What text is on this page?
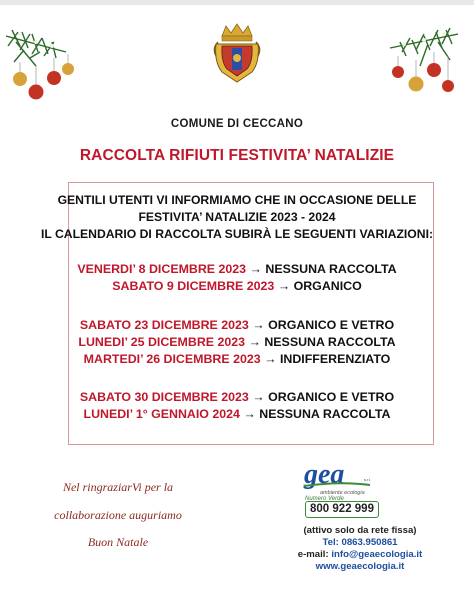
COMUNE DI CECCANO
RACCOLTA RIFIUTI FESTIVITA’ NATALIZIE
GENTILI UTENTI VI INFORMIAMO CHE IN OCCASIONE DELLE
FESTIVITA’ NATALIZIE 2023 - 2024
IL CALENDARIO DI RACCOLTA SUBIRÀ LE SEGUENTI VARIAZIONI:
VENERDI’ 8 DICEMBRE 2023 → NESSUNA RACCOLTA
SABATO 9 DICEMBRE 2023 → ORGANICO
SABATO 23 DICEMBRE 2023 → ORGANICO E VETRO
LUNEDI’ 25 DICEMBRE 2023 → NESSUNA RACCOLTA
MARTEDI’ 26 DICEMBRE 2023 → INDIFFERENZIATO
SABATO 30 DICEMBRE 2023 → ORGANICO E VETRO
LUNEDI’ 1° GENNAIO 2024 → NESSUNA RACCOLTA
Nel ringraziarVi per la
collaborazione auguriamo
Buon Natale
gea
ambiente ecologia
s.r.l.
Numero Verde
800 922 999
(attivo solo da rete fissa)
Tel: 0863.950861
e-mail: info@geaecologia.it
www.geaecologia.it
